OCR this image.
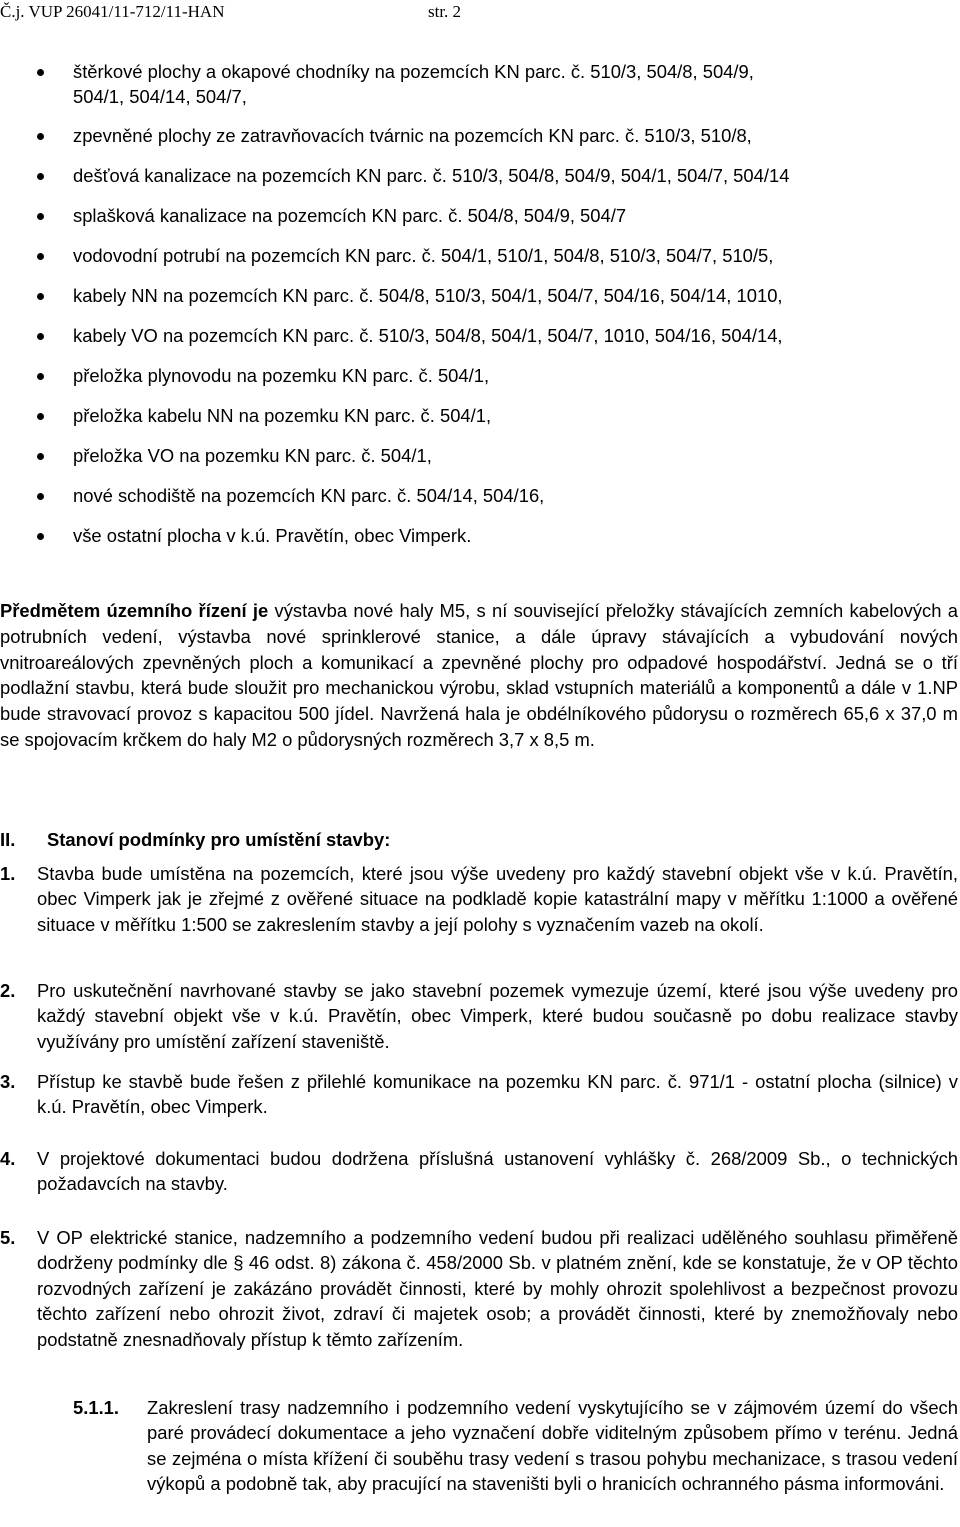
Č.j. VUP 26041/11-712/11-HAN	str. 2
štěrkové plochy a okapové chodníky na pozemcích KN parc. č. 510/3, 504/8, 504/9,
504/1, 504/14, 504/7,
zpevněné plochy ze zatravňovacích tvárnic na pozemcích KN parc. č. 510/3, 510/8,
dešťová kanalizace na pozemcích KN parc. č. 510/3, 504/8, 504/9, 504/1, 504/7, 504/14
splašková kanalizace na pozemcích KN parc. č. 504/8, 504/9, 504/7
vodovodní potrubí na pozemcích KN parc. č. 504/1, 510/1, 504/8, 510/3, 504/7, 510/5,
kabely NN na pozemcích KN parc. č. 504/8, 510/3, 504/1, 504/7, 504/16, 504/14, 1010,
kabely VO na pozemcích KN parc. č. 510/3, 504/8, 504/1, 504/7, 1010, 504/16, 504/14,
přeložka plynovodu na pozemku KN parc. č. 504/1,
přeložka kabelu NN na pozemku KN parc. č. 504/1,
přeložka VO na pozemku KN parc. č. 504/1,
nové schodiště na pozemcích KN parc. č. 504/14, 504/16,
vše ostatní plocha v k.ú. Pravětín, obec Vimperk.
Předmětem územního řízení je výstavba nové haly M5, s ní související přeložky stávajících zemních kabelových a potrubních vedení, výstavba nové sprinklerové stanice, a dále úpravy stávajících a vybudování nových vnitroareálových zpevněných ploch a komunikací a zpevněné plochy pro odpadové hospodářství. Jedná se o tří podlažní stavbu, která bude sloužit pro mechanickou výrobu, sklad vstupních materiálů a komponentů a dále v 1.NP bude stravovací provoz s kapacitou 500 jídel. Navržená hala je obdélníkového půdorysu o rozměrech 65,6 x 37,0 m se spojovacím krčkem do haly M2 o půdorysných rozměrech 3,7 x 8,5 m.
II. Stanoví podmínky pro umístění stavby:
1. Stavba bude umístěna na pozemcích, které jsou výše uvedeny pro každý stavební objekt vše v k.ú. Pravětín, obec Vimperk jak je zřejmé z ověřené situace na podkladě kopie katastrální mapy v měřítku 1:1000 a ověřené situace v měřítku 1:500 se zakreslením stavby a její polohy s vyznačením vazeb na okolí.
2. Pro uskutečnění navrhované stavby se jako stavební pozemek vymezuje území, které jsou výše uvedeny pro každý stavební objekt vše v k.ú. Pravětín, obec Vimperk, které budou současně po dobu realizace stavby využívány pro umístění zařízení staveniště.
3. Přístup ke stavbě bude řešen z přilehlé komunikace na pozemku KN parc. č. 971/1 - ostatní plocha (silnice) v k.ú. Pravětín, obec Vimperk.
4. V projektové dokumentaci budou dodržena příslušná ustanovení vyhlášky č. 268/2009 Sb., o technických požadavcích na stavby.
5. V OP elektrické stanice, nadzemního a podzemního vedení budou při realizaci udělěného souhlasu přiměřeně dodrženy podmínky dle § 46 odst. 8) zákona č. 458/2000 Sb. v platném znění, kde se konstatuje, že v OP těchto rozvodných zařízení je zakázáno provádět činnosti, které by mohly ohrozit spolehlivost a bezpečnost provozu těchto zařízení nebo ohrozit život, zdraví či majetek osob; a provádět činnosti, které by znemožňovaly nebo podstatně znesnadňovaly přístup k těmto zařízením.
5.1.1. Zakreslení trasy nadzemního i podzemního vedení vyskytujícího se v zájmovém území do všech paré provádecí dokumentace a jeho vyznačení dobře viditelným způsobem přímo v terénu. Jedná se zejména o místa křížení či souběhu trasy vedení s trasou pohybu mechanizace, s trasou vedení výkopů a podobně tak, aby pracující na staveništi byli o hranicích ochranného pásma informováni.
